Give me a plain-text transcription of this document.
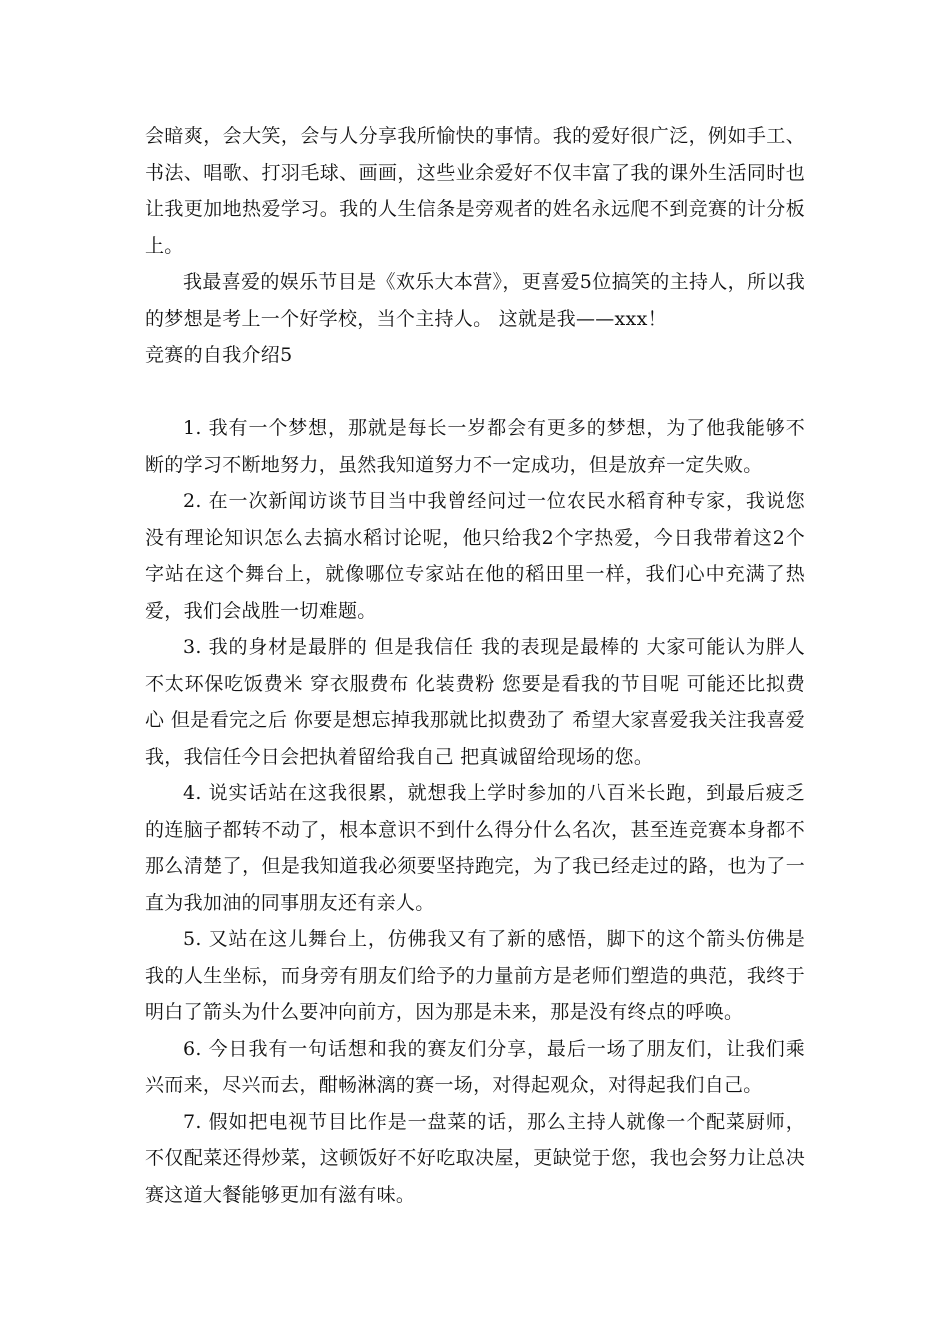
会暗爽，会大笑，会与人分享我所愉快的事情。我的爱好很广泛，例如手工、书法、唱歌、打羽毛球、画画，这些业余爱好不仅丰富了我的课外生活同时也让我更加地热爱学习。我的人生信条是旁观者的姓名永远爬不到竞赛的计分板上。

我最喜爱的娱乐节目是《欢乐大本营》，更喜爱5位搞笑的主持人，所以我的梦想是考上一个好学校，当个主持人。 这就是我——xxx！

竞赛的自我介绍5

1. 我有一个梦想，那就是每长一岁都会有更多的梦想，为了他我能够不断的学习不断地努力，虽然我知道努力不一定成功，但是放弃一定失败。

2. 在一次新闻访谈节目当中我曾经问过一位农民水稻育种专家，我说您没有理论知识怎么去搞水稻讨论呢，他只给我2个字热爱，今日我带着这2个字站在这个舞台上，就像哪位专家站在他的稻田里一样，我们心中充满了热爱，我们会战胜一切难题。

3. 我的身材是最胖的 但是我信任 我的表现是最棒的 大家可能认为胖人不太环保吃饭费米 穿衣服费布 化装费粉 您要是看我的节目呢 可能还比拟费心 但是看完之后 你要是想忘掉我那就比拟费劲了 希望大家喜爱我关注我喜爱我，我信任今日会把执着留给我自己 把真诚留给现场的您。

4. 说实话站在这我很累，就想我上学时参加的八百米长跑，到最后疲乏的连脑子都转不动了，根本意识不到什么得分什么名次，甚至连竞赛本身都不那么清楚了，但是我知道我必须要坚持跑完，为了我已经走过的路，也为了一直为我加油的同事朋友还有亲人。

5. 又站在这儿舞台上，仿佛我又有了新的感悟，脚下的这个箭头仿佛是我的人生坐标，而身旁有朋友们给予的力量前方是老师们塑造的典范，我终于明白了箭头为什么要冲向前方，因为那是未来，那是没有终点的呼唤。

6. 今日我有一句话想和我的赛友们分享，最后一场了朋友们，让我们乘兴而来，尽兴而去，酣畅淋漓的赛一场，对得起观众，对得起我们自己。

7. 假如把电视节目比作是一盘菜的话，那么主持人就像一个配菜厨师，不仅配菜还得炒菜，这顿饭好不好吃取决屋，更缺觉于您，我也会努力让总决赛这道大餐能够更加有滋有味。
